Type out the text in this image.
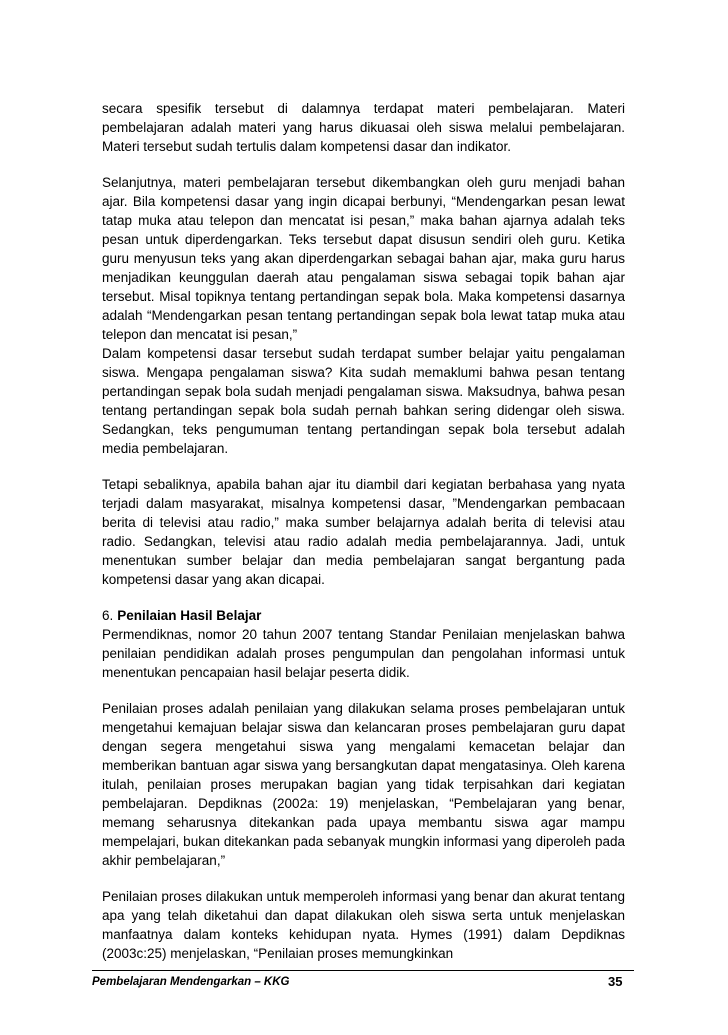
secara spesifik tersebut di dalamnya terdapat materi pembelajaran. Materi pembelajaran adalah materi yang harus dikuasai oleh siswa melalui pembelajaran. Materi tersebut sudah tertulis dalam kompetensi dasar dan indikator.

Selanjutnya, materi pembelajaran tersebut dikembangkan oleh guru menjadi bahan ajar. Bila kompetensi dasar yang ingin dicapai berbunyi, “Mendengarkan pesan lewat tatap muka atau telepon dan mencatat isi pesan,” maka bahan ajarnya adalah teks pesan untuk diperdengarkan. Teks tersebut dapat disusun sendiri oleh guru. Ketika guru menyusun teks yang akan diperdengarkan sebagai bahan ajar, maka guru harus menjadikan keunggulan daerah atau pengalaman siswa sebagai topik bahan ajar tersebut. Misal topiknya tentang pertandingan sepak bola. Maka kompetensi dasarnya adalah “Mendengarkan pesan tentang pertandingan sepak bola lewat tatap muka atau telepon dan mencatat isi pesan,”

Dalam kompetensi dasar tersebut sudah terdapat sumber belajar yaitu pengalaman siswa. Mengapa pengalaman siswa? Kita sudah memaklumi bahwa pesan tentang pertandingan sepak bola sudah menjadi pengalaman siswa. Maksudnya, bahwa pesan tentang pertandingan sepak bola sudah pernah bahkan sering didengar oleh siswa. Sedangkan, teks pengumuman tentang pertandingan sepak bola tersebut adalah media pembelajaran.

Tetapi sebaliknya, apabila bahan ajar itu diambil dari kegiatan berbahasa yang nyata terjadi dalam masyarakat, misalnya kompetensi dasar, ”Mendengarkan pembacaan berita di televisi atau radio,” maka sumber belajarnya adalah berita di televisi atau radio. Sedangkan, televisi atau radio adalah media pembelajarannya. Jadi, untuk menentukan sumber belajar dan media pembelajaran sangat bergantung pada kompetensi dasar yang akan dicapai.

6. Penilaian Hasil Belajar

Permendiknas, nomor 20 tahun 2007 tentang Standar Penilaian menjelaskan bahwa penilaian pendidikan adalah proses pengumpulan dan pengolahan informasi untuk menentukan pencapaian hasil belajar peserta didik.

Penilaian proses adalah penilaian yang dilakukan selama proses pembelajaran untuk mengetahui kemajuan belajar siswa dan kelancaran proses pembelajaran guru dapat dengan segera mengetahui siswa yang mengalami kemacetan belajar dan memberikan bantuan agar siswa yang bersangkutan dapat mengatasinya. Oleh karena itulah, penilaian proses merupakan bagian yang tidak terpisahkan dari kegiatan pembelajaran. Depdiknas (2002a: 19) menjelaskan, “Pembelajaran yang benar, memang seharusnya ditekankan pada upaya membantu siswa agar mampu mempelajari, bukan ditekankan pada sebanyak mungkin informasi yang diperoleh pada akhir pembelajaran,”

Penilaian proses dilakukan untuk memperoleh informasi yang benar dan akurat tentang apa yang telah diketahui dan dapat dilakukan oleh siswa serta untuk menjelaskan manfaatnya dalam konteks kehidupan nyata. Hymes (1991) dalam Depdiknas (2003c:25) menjelaskan, “Penilaian proses memungkinkan

Pembelajaran Mendengarkan – KKG	35
